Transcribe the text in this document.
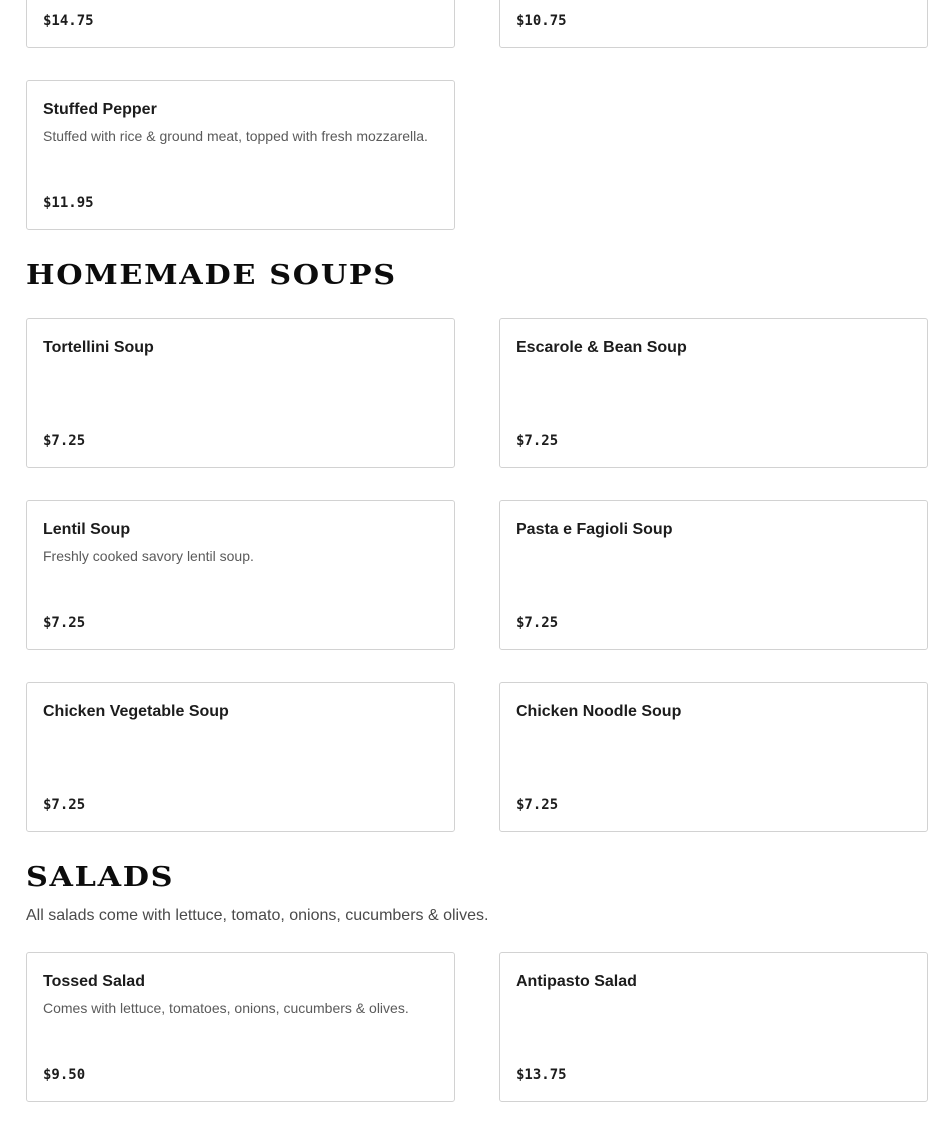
$14.75	$10.75
Stuffed Pepper
Stuffed with rice & ground meat, topped with fresh mozzarella.
$11.95
HOMEMADE SOUPS
Tortellini Soup
$7.25
Escarole & Bean Soup
$7.25
Lentil Soup
Freshly cooked savory lentil soup.
$7.25
Pasta e Fagioli Soup
$7.25
Chicken Vegetable Soup
$7.25
Chicken Noodle Soup
$7.25
SALADS
All salads come with lettuce, tomato, onions, cucumbers & olives.
Tossed Salad
Comes with lettuce, tomatoes, onions, cucumbers & olives.
$9.50
Antipasto Salad
$13.75
